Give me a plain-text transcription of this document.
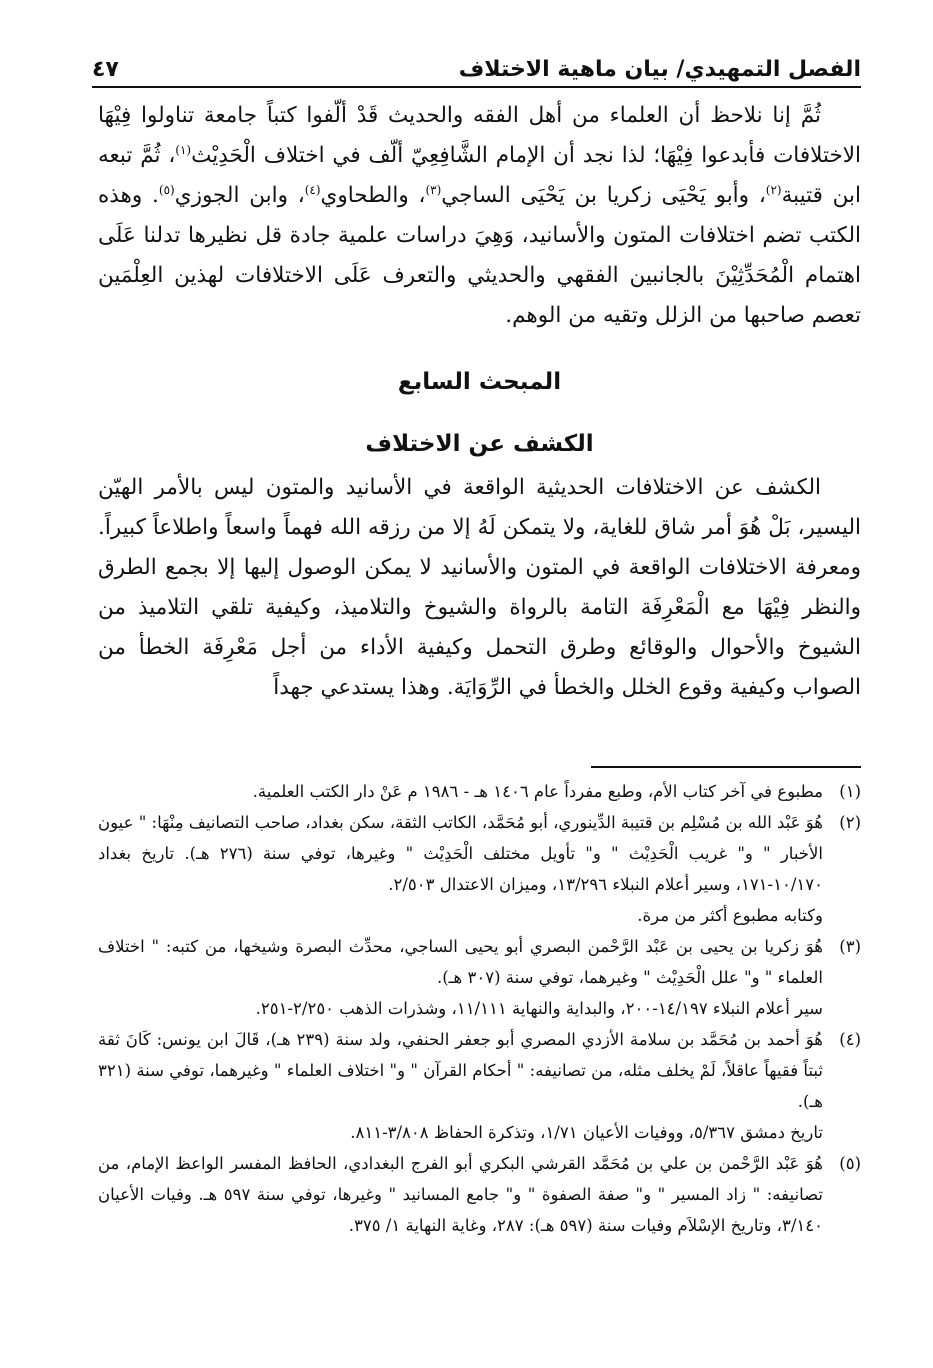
الفصل التمهيدي/ بيان ماهية الاختلاف
٤٧

ثُمَّ إنا نلاحظ أن العلماء من أهل الفقه والحديث قَدْ ألّفوا كتباً جامعة تناولوا فِيْهَا الاختلافات فأبدعوا فِيْهَا؛ لذا نجد أن الإمام الشَّافِعِيّ ألّف في اختلاف الْحَدِيْث$^{(١)}$، ثُمَّ تبعه ابن قتيبة$^{(٢)}$، وأبو يَحْيَى زكريا بن يَحْيَى الساجي$^{(٣)}$، والطحاوي$^{(٤)}$، وابن الجوزي$^{(٥)}$. وهذه الكتب تضم اختلافات المتون والأسانيد، وَهِيَ دراسات علمية جادة قل نظيرها تدلنا عَلَى اهتمام الْمُحَدِّثِيْنَ بالجانبين الفقهي والحديثي والتعرف عَلَى الاختلافات لهذين العِلْمَين تعصم صاحبها من الزلل وتقيه من الوهم.

المبحث السابع
الكشف عن الاختلاف

الكشف عن الاختلافات الحديثية الواقعة في الأسانيد والمتون ليس بالأمر الهيّن اليسير، بَلْ هُوَ أمر شاق للغاية، ولا يتمكن لَهُ إلا من رزقه الله فهماً واسعاً واطلاعاً كبيراً. ومعرفة الاختلافات الواقعة في المتون والأسانيد لا يمكن الوصول إليها إلا بجمع الطرق والنظر فِيْهَا مع الْمَعْرِفَة التامة بالرواة والشيوخ والتلاميذ، وكيفية تلقي التلاميذ من الشيوخ والأحوال والوقائع وطرق التحمل وكيفية الأداء من أجل مَعْرِفَة الخطأ من الصواب وكيفية وقوع الخلل والخطأ في الرِّوَايَة. وهذا يستدعي جهداً

(١)
مطبوع في آخر كتاب الأم، وطبع مفرداً عام ١٤٠٦ هـ - ١٩٨٦ م عَنْ دار الكتب العلمية.
(٢)
هُوَ عَبْد الله بن مُسْلِم بن قتيبة الدِّينوري، أبو مُحَمَّد، الكاتب الثقة، سكن بغداد، صاحب التصانيف مِنْهَا: " عيون الأخبار " و" غريب الْحَدِيْث " و" تأويل مختلف الْحَدِيْث " وغيرها، توفي سنة (٢٧٦ هـ). تاريخ بغداد ١٠/١٧٠-١٧١، وسير أعلام النبلاء ١٣/٢٩٦، وميزان الاعتدال ٢/٥٠٣.
وكتابه مطبوع أكثر من مرة.
(٣)
هُوَ زكريا بن يحيى بن عَبْد الرَّحْمن البصري أبو يحيى الساجي، محدِّث البصرة وشيخها، من كتبه: " اختلاف العلماء " و" علل الْحَدِيْث " وغيرهما، توفي سنة (٣٠٧ هـ).
سير أعلام النبلاء ١٤/١٩٧-٢٠٠، والبداية والنهاية ١١/١١١، وشذرات الذهب ٢/٢٥٠-٢٥١.
(٤)
هُوَ أحمد بن مُحَمَّد بن سلامة الأزدي المصري أبو جعفر الحنفي، ولد سنة (٢٣٩ هـ)، قَالَ ابن يونس: كَانَ ثقة ثبتاً فقيهاً عاقلاً، لَمْ يخلف مثله، من تصانيفه: " أحكام القرآن " و" اختلاف العلماء " وغيرهما، توفي سنة (٣٢١ هـ).
تاريخ دمشق ٥/٣٦٧، ووفيات الأعيان ١/٧١، وتذكرة الحفاظ ٣/٨٠٨-٨١١.
(٥)
هُوَ عَبْد الرَّحْمن بن علي بن مُحَمَّد القرشي البكري أبو الفرج البغدادي، الحافظ المفسر الواعظ الإمام، من تصانيفه: " زاد المسير " و" صفة الصفوة " و" جامع المسانيد " وغيرها، توفي سنة ٥٩٧ هـ. وفيات الأعيان ٣/١٤٠، وتاريخ الإسْلاَم وفيات سنة (٥٩٧ هـ): ٢٨٧، وغاية النهاية ١/ ٣٧٥.
